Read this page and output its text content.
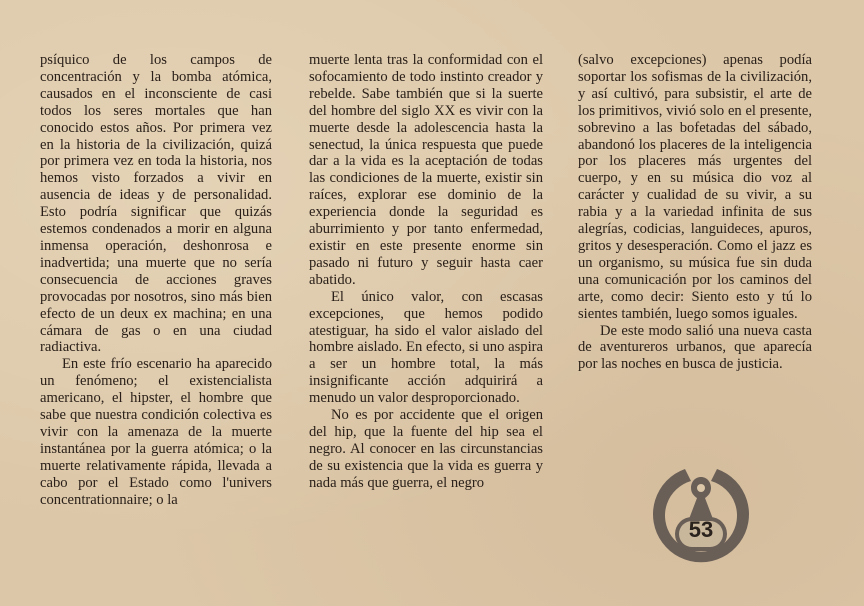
psíquico de los campos de concentración y la bomba atómica, causados en el inconsciente de casi todos los seres mortales que han conocido estos años. Por primera vez en la historia de la civilización, quizá por primera vez en toda la historia, nos hemos visto forzados a vivir en ausencia de ideas y de personalidad. Esto podría significar que quizás estemos condenados a morir en alguna inmensa operación, deshonrosa e inadvertida; una muerte que no sería consecuencia de acciones graves provocadas por nosotros, sino más bien efecto de un deux ex machina; en una cámara de gas o en una ciudad radiactiva.

En este frío escenario ha aparecido un fenómeno; el existencialista americano, el hipster, el hombre que sabe que nuestra condición colectiva es vivir con la amenaza de la muerte instantánea por la guerra atómica; o la muerte relativamente rápida, llevada a cabo por el Estado como l'univers concentrationnaire; o la

muerte lenta tras la conformidad con el sofocamiento de todo instinto creador y rebelde. Sabe también que si la suerte del hombre del siglo XX es vivir con la muerte desde la adolescencia hasta la senectud, la única respuesta que puede dar a la vida es la aceptación de todas las condiciones de la muerte, existir sin raíces, explorar ese dominio de la experiencia donde la seguridad es aburrimiento y por tanto enfermedad, existir en este presente enorme sin pasado ni futuro y seguir hasta caer abatido.

El único valor, con escasas excepciones, que hemos podido atestiguar, ha sido el valor aislado del hombre aislado. En efecto, si uno aspira a ser un hombre total, la más insignificante acción adquirirá a menudo un valor desproporcionado.

No es por accidente que el origen del hip, que la fuente del hip sea el negro. Al conocer en las circunstancias de su existencia que la vida es guerra y nada más que guerra, el negro

(salvo excepciones) apenas podía soportar los sofismas de la civilización, y así cultivó, para subsistir, el arte de los primitivos, vivió solo en el presente, sobrevino a las bofetadas del sábado, abandonó los placeres de la inteligencia por los placeres más urgentes del cuerpo, y en su música dio voz al carácter y cualidad de su vivir, a su rabia y a la variedad infinita de sus alegrías, codicias, languideces, apuros, gritos y desesperación. Como el jazz es un organismo, su música fue sin duda una comunicación por los caminos del arte, como decir: Siento esto y tú lo sientes también, luego somos iguales.

De este modo salió una nueva casta de aventureros urbanos, que aparecía por las noches en busca de justicia.

53
